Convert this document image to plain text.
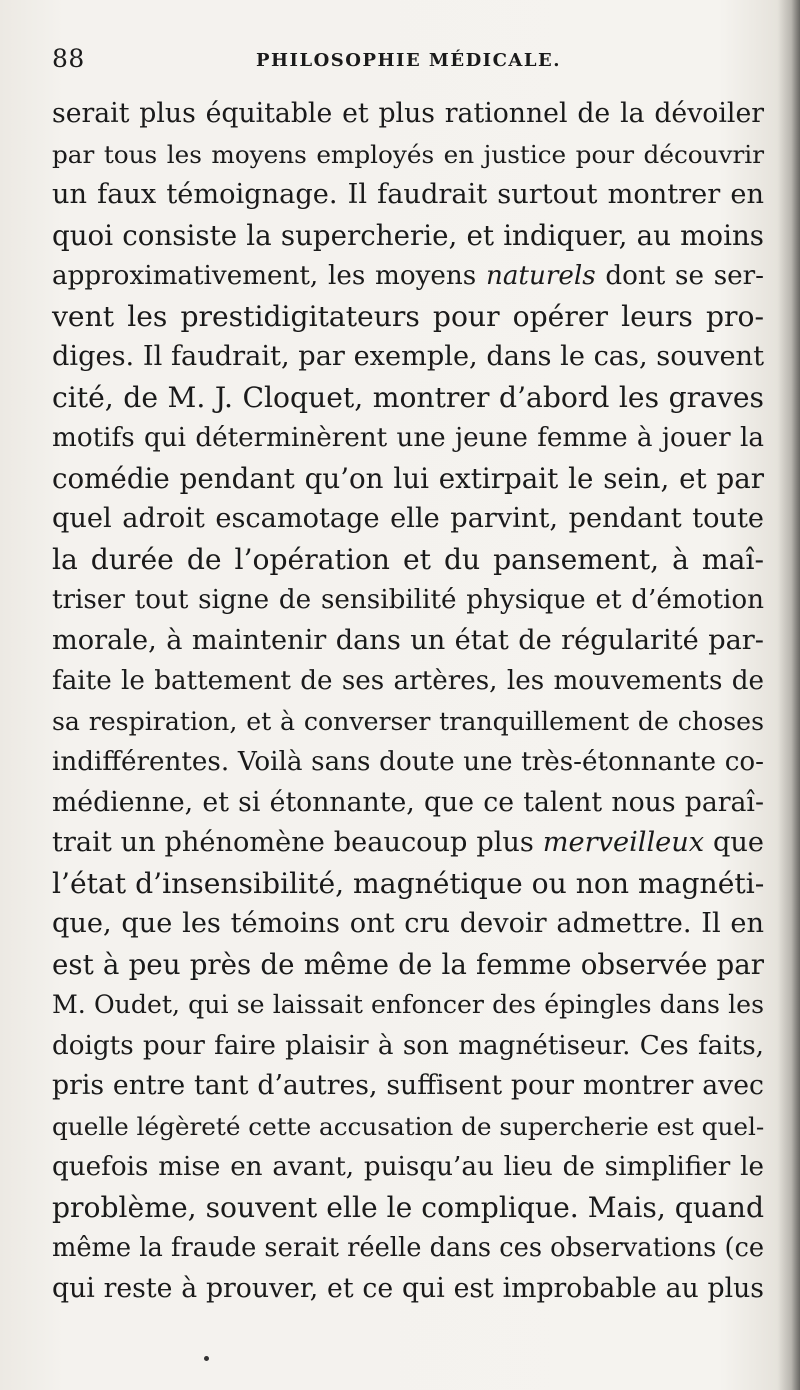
88	PHILOSOPHIE MÉDICALE.
serait plus équitable et plus rationnel de la dévoiler
par tous les moyens employés en justice pour découvrir
un faux témoignage. Il faudrait surtout montrer en
quoi consiste la supercherie, et indiquer, au moins
approximativement, les moyens naturels dont se ser-
vent les prestidigitateurs pour opérer leurs pro-
diges. Il faudrait, par exemple, dans le cas, souvent
cité, de M. J. Cloquet, montrer d’abord les graves
motifs qui déterminèrent une jeune femme à jouer la
comédie pendant qu’on lui extirpait le sein, et par
quel adroit escamotage elle parvint, pendant toute
la durée de l’opération et du pansement, à maî-
triser tout signe de sensibilité physique et d’émotion
morale, à maintenir dans un état de régularité par-
faite le battement de ses artères, les mouvements de
sa respiration, et à converser tranquillement de choses
indifférentes. Voilà sans doute une très-étonnante co-
médienne, et si étonnante, que ce talent nous paraî-
trait un phénomène beaucoup plus merveilleux que
l’état d’insensibilité, magnétique ou non magnéti-
que, que les témoins ont cru devoir admettre. Il en
est à peu près de même de la femme observée par
M. Oudet, qui se laissait enfoncer des épingles dans les
doigts pour faire plaisir à son magnétiseur. Ces faits,
pris entre tant d’autres, suffisent pour montrer avec
quelle légèreté cette accusation de supercherie est quel-
quefois mise en avant, puisqu’au lieu de simplifier le
problème, souvent elle le complique. Mais, quand
même la fraude serait réelle dans ces observations (ce
qui reste à prouver, et ce qui est improbable au plus
